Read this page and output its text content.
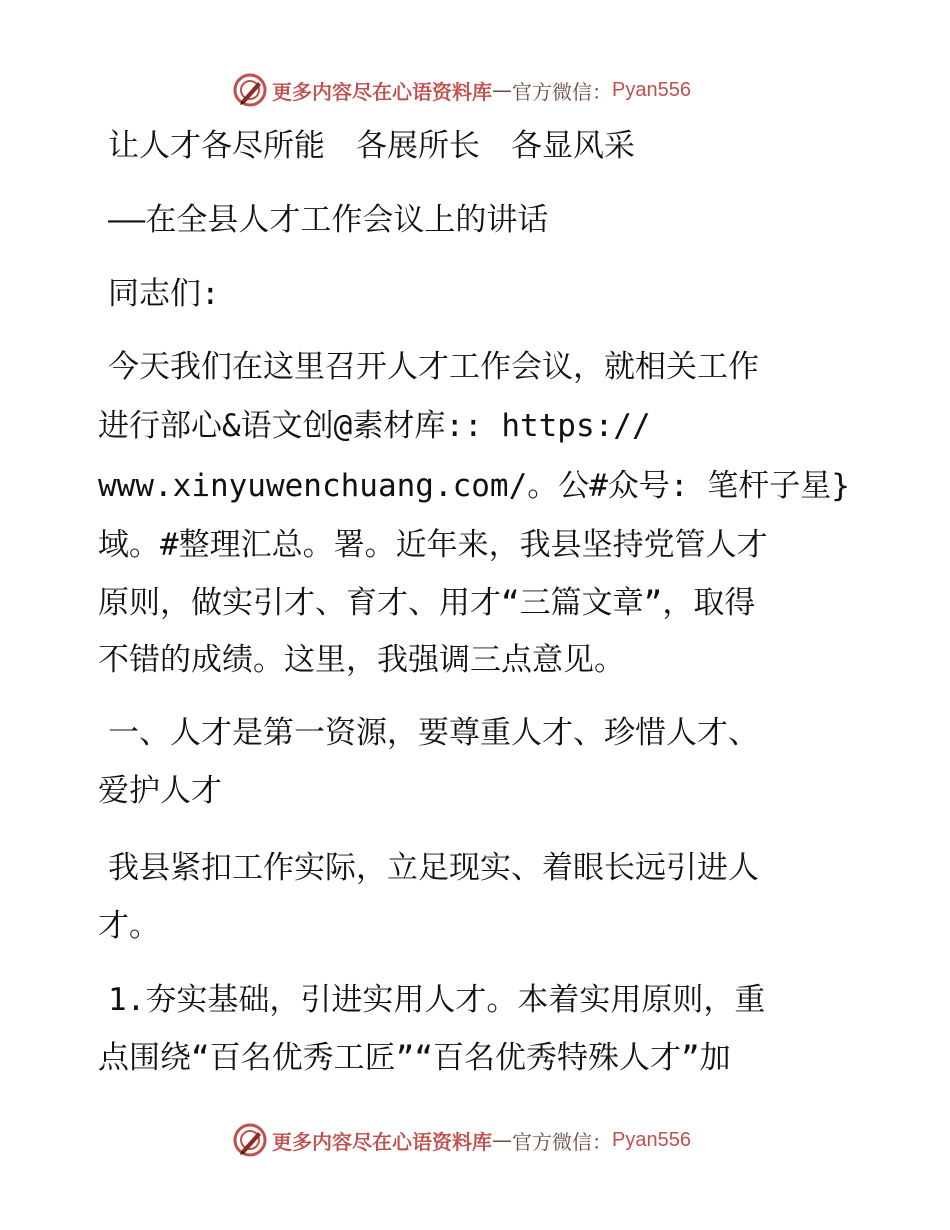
更多内容尽在心语资料库 — 官方微信： Pyan556
让人才各尽所能　各展所长　各显风采
——在全县人才工作会议上的讲话
同志们:
今天我们在这里召开人才工作会议，就相关工作
进行部心&语文创@素材库:: https://
www.xinyuwenchuang.com/。公#众号: 笔杆子星}
域。#整理汇总。署。近年来，我县坚持党管人才
原则，做实引才、育才、用才“三篇文章”，取得
不错的成绩。这里，我强调三点意见。
一、人才是第一资源，要尊重人才、珍惜人才、
爱护人才
我县紧扣工作实际，立足现实、着眼长远引进人
才。
1.夯实基础，引进实用人才。本着实用原则，重
点围绕“百名优秀工匠”“百名优秀特殊人才”加
更多内容尽在心语资料库 — 官方微信： Pyan556
